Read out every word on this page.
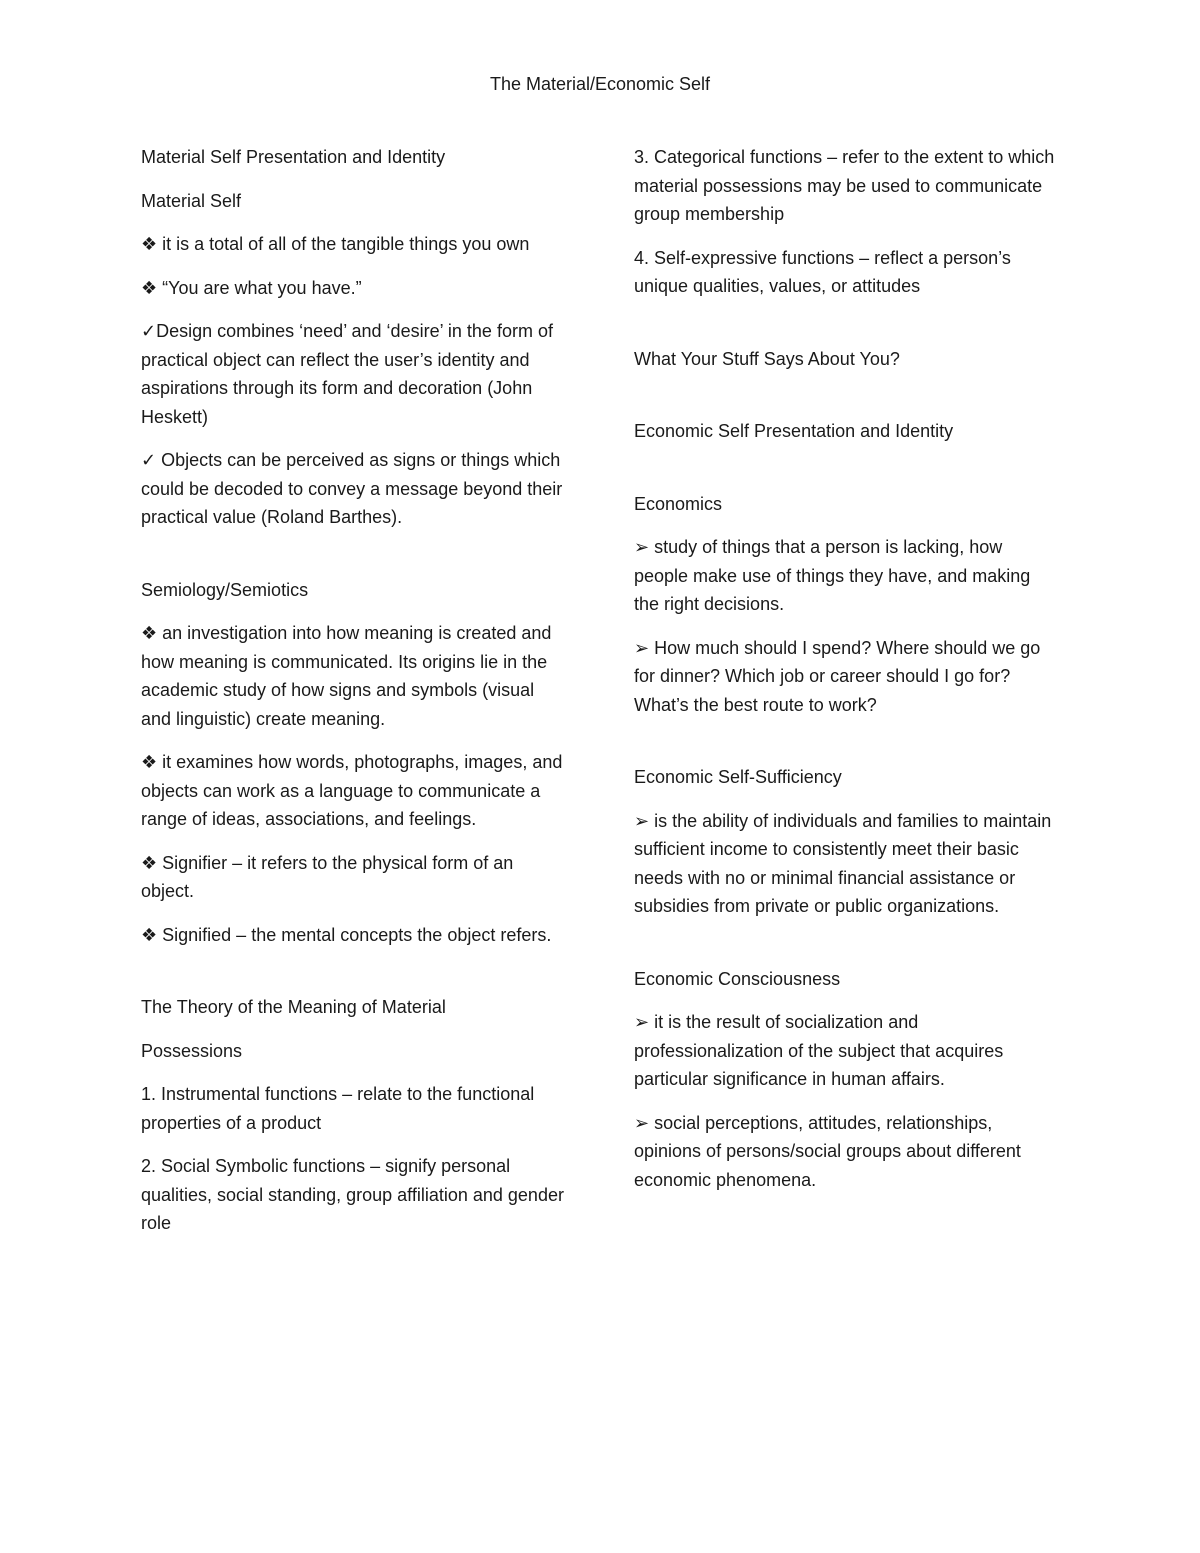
The Material/Economic Self

Material Self Presentation and Identity

Material Self

❖ it is a total of all of the tangible things you own

❖ “You are what you have.”

✓Design combines ‘need’ and ‘desire’ in the form of practical object can reflect the user’s identity and aspirations through its form and decoration (John Heskett)

✓ Objects can be perceived as signs or things which could be decoded to convey a message beyond their practical value (Roland Barthes).

Semiology/Semiotics

❖ an investigation into how meaning is created and how meaning is communicated. Its origins lie in the academic study of how signs and symbols (visual and linguistic) create meaning.

❖ it examines how words, photographs, images, and objects can work as a language to communicate a range of ideas, associations, and feelings.

❖ Signifier – it refers to the physical form of an object.

❖ Signified – the mental concepts the object refers.

The Theory of the Meaning of Material

Possessions

1. Instrumental functions – relate to the functional properties of a product

2. Social Symbolic functions – signify personal qualities, social standing, group affiliation and gender role

3. Categorical functions – refer to the extent to which material possessions may be used to communicate group membership

4. Self-expressive functions – reflect a person’s unique qualities, values, or attitudes

What Your Stuff Says About You?

Economic Self Presentation and Identity

Economics

➢ study of things that a person is lacking, how people make use of things they have, and making the right decisions.

➢ How much should I spend? Where should we go for dinner? Which job or career should I go for? What’s the best route to work?

Economic Self-Sufficiency

➢ is the ability of individuals and families to maintain sufficient income to consistently meet their basic needs with no or minimal financial assistance or subsidies from private or public organizations.

Economic Consciousness

➢ it is the result of socialization and professionalization of the subject that acquires particular significance in human affairs.

➢ social perceptions, attitudes, relationships, opinions of persons/social groups about different economic phenomena.
